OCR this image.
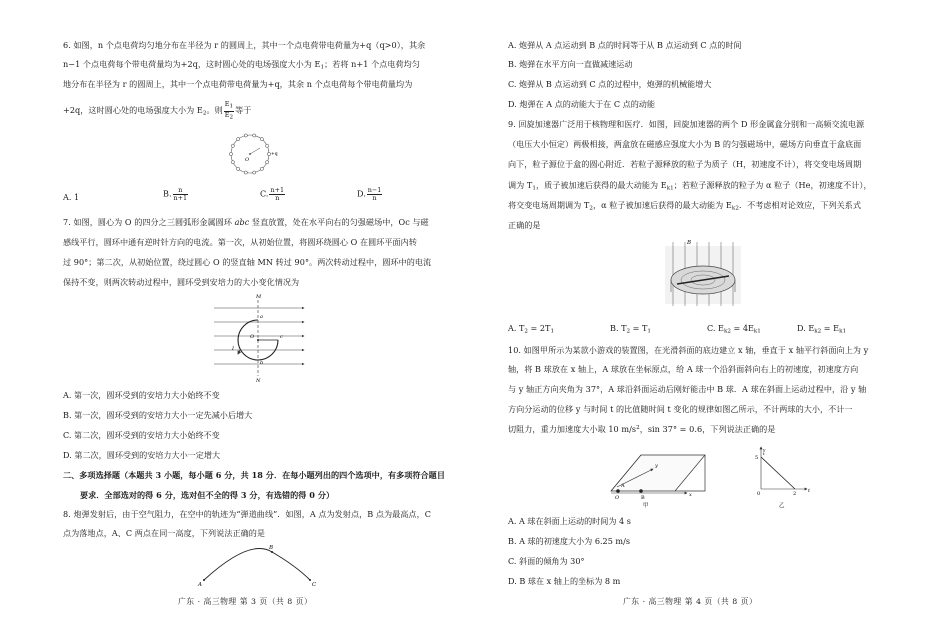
6. 如图，n 个点电荷均匀地分布在半径为 r 的圆周上，其中一个点电荷带电荷量为+q（q>0），其余
n−1 个点电荷每个带电荷量均为+2q，这时圆心处的电场强度大小为 $E_1$；若将 n+1 个点电荷均匀
地分布在半径为 r 的圆周上，其中一个点电荷带电荷量为+q，其余 n 个点电荷每个带电荷量均为
+2q，这时圆心处的电场强度大小为 $E_2$。则 $\frac{E1}{E2}$ 等于
O
+q
A. 1	B. $\frac{n}{n+1}$	C. $\frac{n+1}{n}$	D. $\frac{n-1}{n}$
7. 如图，圆心为 O 的四分之三圆弧形金属圆环 abc 竖直放置，处在水平向右的匀强磁场中，Oc 与磁
感线平行，圆环中通有逆时针方向的电流。第一次，从初始位置，将圆环绕圆心 O 在圆环平面内转
过 90°；第二次，从初始位置，绕过圆心 O 的竖直轴 MN 转过 90°。两次转动过程中，圆环中的电流
保持不变，则两次转动过程中，圆环受到安培力的大小变化情况为
M
N
a
b
c
O
I
A. 第一次，圆环受到的安培力大小始终不变
B. 第一次，圆环受到的安培力大小一定先减小后增大
C. 第二次，圆环受到的安培力大小始终不变
D. 第二次，圆环受到的安培力大小一定增大
二、多项选择题（本题共 3 小题，每小题 6 分，共 18 分．在每小题列出的四个选项中，有多项符合题目
要求．全部选对的得 6 分，选对但不全的得 3 分，有选错的得 0 分）
8. 炮弹发射后，由于空气阻力，在空中的轨迹为“弹道曲线”．如图，A 点为发射点，B 点为最高点，C
点为落地点，A、C 两点在同一高度，下列说法正确的是
A
B
C
广东 · 高三物理 第 3 页（共 8 页）
A. 炮弹从 A 点运动到 B 点的时间等于从 B 点运动到 C 点的时间
B. 炮弹在水平方向一直做减速运动
C. 炮弹从 B 点运动到 C 点的过程中，炮弹的机械能增大
D. 炮弹在 A 点的动能大于在 C 点的动能
9. 回旋加速器广泛用于核物理和医疗．如图，回旋加速器的两个 D 形金属盒分别和一高频交流电源
（电压大小恒定）两极相接，两盒放在磁感应强度大小为 B 的匀强磁场中，磁场方向垂直于盒底面
向下，粒子源位于盒的圆心附近．若粒子源释放的粒子为质子（H，初速度不计），将交变电场周期
调为 $T_1$，质子被加速后获得的最大动能为 $E_{k1}$；若粒子源释放的粒子为 α 粒子（He，初速度不计），
将交变电场周期调为 $T_2$，α 粒子被加速后获得的最大动能为 $E_{k2}$．不考虑相对论效应，下列关系式
正确的是
B
A. $T_2 = 2T_1$	B. $T_2 = T_1$	C. $E_{k2} = 4E_{k1}$	D. $E_{k2} = E_{k1}$
10. 如图甲所示为某款小游戏的装置图，在光滑斜面的底边建立 x 轴，垂直于 x 轴平行斜面向上为 y
轴，将 B 球放在 x 轴上，A 球放在坐标原点，给 A 球一个沿斜面斜向右上的初速度，初速度方向
与 y 轴正方向夹角为 37°，A 球沿斜面运动后刚好能击中 B 球．A 球在斜面上运动过程中，沿 y 轴
方向分运动的位移 y 与时间 t 的比值随时间 t 变化的规律如图乙所示，不计两球的大小，不计一
切阻力，重力加速度大小取 10 $m/s^2$，sin 37° = 0.6，下列说法正确的是
O
A
B	x
y
甲
y
t
5
0	2 t
乙
A. A 球在斜面上运动的时间为 4 s
B. A 球的初速度大小为 6.25 m/s
C. 斜面的倾角为 30°
D. B 球在 x 轴上的坐标为 8 m
广东 · 高三物理 第 4 页（共 8 页）
